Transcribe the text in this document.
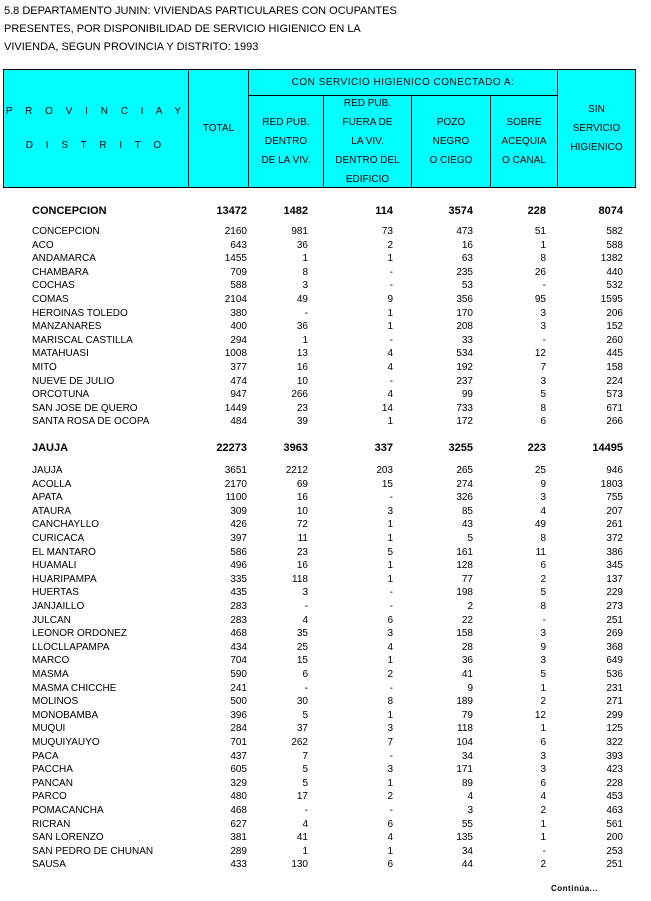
5.8 DEPARTAMENTO JUNIN: VIVIENDAS PARTICULARES CON OCUPANTES
PRESENTES, POR DISPONIBILIDAD DE SERVICIO HIGIENICO EN LA
VIVIENDA, SEGUN PROVINCIA Y DISTRITO: 1993
P R O V I N C I A Y
D I S T R I T O
TOTAL
CON SERVICIO HIGIENICO CONECTADO A:
RED PUB.
DENTRO
DE LA VIV.
RED PUB.
FUERA DE
LA VIV.
DENTRO DEL
EDIFICIO
POZO
NEGRO
O CIEGO
SOBRE
ACEQUIA
O CANAL
SIN
SERVICIO
HIGIENICO
CONCEPCION	13472	1482	114	3574	228	8074
CONCEPCION	2160	981	73	473	51	582
ACO	643	36	2	16	1	588
ANDAMARCA	1455	1	1	63	8	1382
CHAMBARA	709	8	-	235	26	440
COCHAS	588	3	-	53	-	532
COMAS	2104	49	9	356	95	1595
HEROINAS TOLEDO	380	-	1	170	3	206
MANZANARES	400	36	1	208	3	152
MARISCAL CASTILLA	294	1	-	33	-	260
MATAHUASI	1008	13	4	534	12	445
MITO	377	16	4	192	7	158
NUEVE DE JULIO	474	10	-	237	3	224
ORCOTUNA	947	266	4	99	5	573
SAN JOSE DE QUERO	1449	23	14	733	8	671
SANTA ROSA DE OCOPA	484	39	1	172	6	266
JAUJA	22273	3963	337	3255	223	14495
JAUJA	3651	2212	203	265	25	946
ACOLLA	2170	69	15	274	9	1803
APATA	1100	16	-	326	3	755
ATAURA	309	10	3	85	4	207
CANCHAYLLO	426	72	1	43	49	261
CURICACA	397	11	1	5	8	372
EL MANTARO	586	23	5	161	11	386
HUAMALI	496	16	1	128	6	345
HUARIPAMPA	335	118	1	77	2	137
HUERTAS	435	3	-	198	5	229
JANJAILLO	283	-	-	2	8	273
JULCAN	283	4	6	22	-	251
LEONOR ORDONEZ	468	35	3	158	3	269
LLOCLLAPAMPA	434	25	4	28	9	368
MARCO	704	15	1	36	3	649
MASMA	590	6	2	41	5	536
MASMA CHICCHE	241	-	-	9	1	231
MOLINOS	500	30	8	189	2	271
MONOBAMBA	396	5	1	79	12	299
MUQUI	284	37	3	118	1	125
MUQUIYAUYO	701	262	7	104	6	322
PACA	437	7	-	34	3	393
PACCHA	605	5	3	171	3	423
PANCAN	329	5	1	89	6	228
PARCO	480	17	2	4	4	453
POMACANCHA	468	-	-	3	2	463
RICRAN	627	4	6	55	1	561
SAN LORENZO	381	41	4	135	1	200
SAN PEDRO DE CHUNAN	289	1	1	34	-	253
SAUSA	433	130	6	44	2	251
Continúa...
